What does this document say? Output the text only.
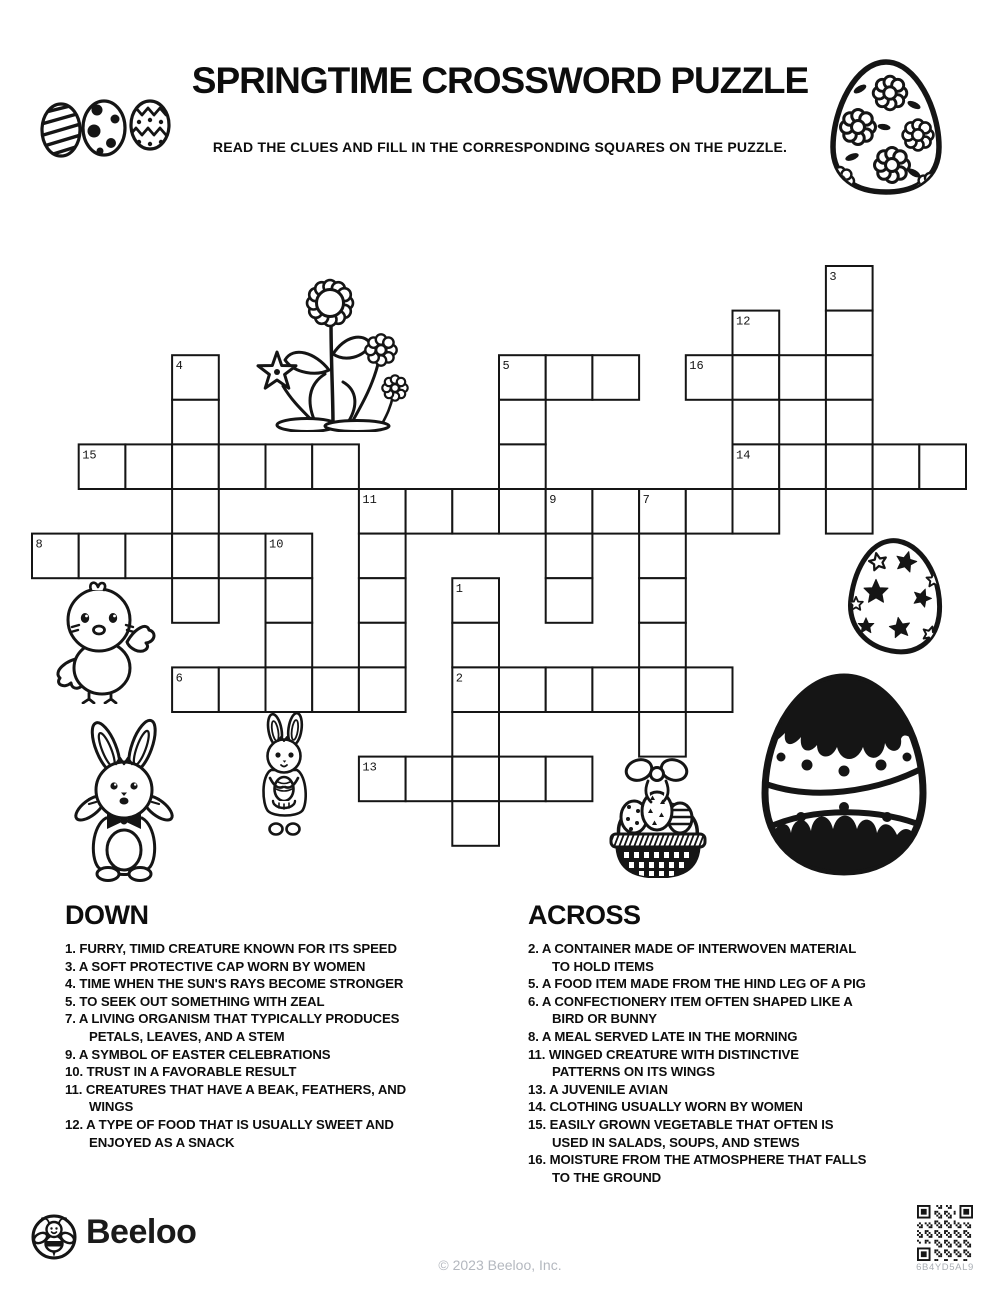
SPRINGTIME CROSSWORD PUZZLE
READ THE CLUES AND FILL IN THE CORRESPONDING SQUARES ON THE PUZZLE.
3
12
4	5	16
15	14
11	9	7
8	10
1
6	2
13
DOWN
1. FURRY, TIMID CREATURE KNOWN FOR ITS SPEED
3. A SOFT PROTECTIVE CAP WORN BY WOMEN
4. TIME WHEN THE SUN'S RAYS BECOME STRONGER
5. TO SEEK OUT SOMETHING WITH ZEAL
7. A LIVING ORGANISM THAT TYPICALLY PRODUCES PETALS, LEAVES, AND A STEM
9. A SYMBOL OF EASTER CELEBRATIONS
10. TRUST IN A FAVORABLE RESULT
11. CREATURES THAT HAVE A BEAK, FEATHERS, AND WINGS
12. A TYPE OF FOOD THAT IS USUALLY SWEET AND ENJOYED AS A SNACK
ACROSS
2. A CONTAINER MADE OF INTERWOVEN MATERIAL TO HOLD ITEMS
5. A FOOD ITEM MADE FROM THE HIND LEG OF A PIG
6. A CONFECTIONERY ITEM OFTEN SHAPED LIKE A BIRD OR BUNNY
8. A MEAL SERVED LATE IN THE MORNING
11. WINGED CREATURE WITH DISTINCTIVE PATTERNS ON ITS WINGS
13. A JUVENILE AVIAN
14. CLOTHING USUALLY WORN BY WOMEN
15. EASILY GROWN VEGETABLE THAT OFTEN IS USED IN SALADS, SOUPS, AND STEWS
16. MOISTURE FROM THE ATMOSPHERE THAT FALLS TO THE GROUND
Beeloo
© 2023 Beeloo, Inc.	6B4YD5AL9
